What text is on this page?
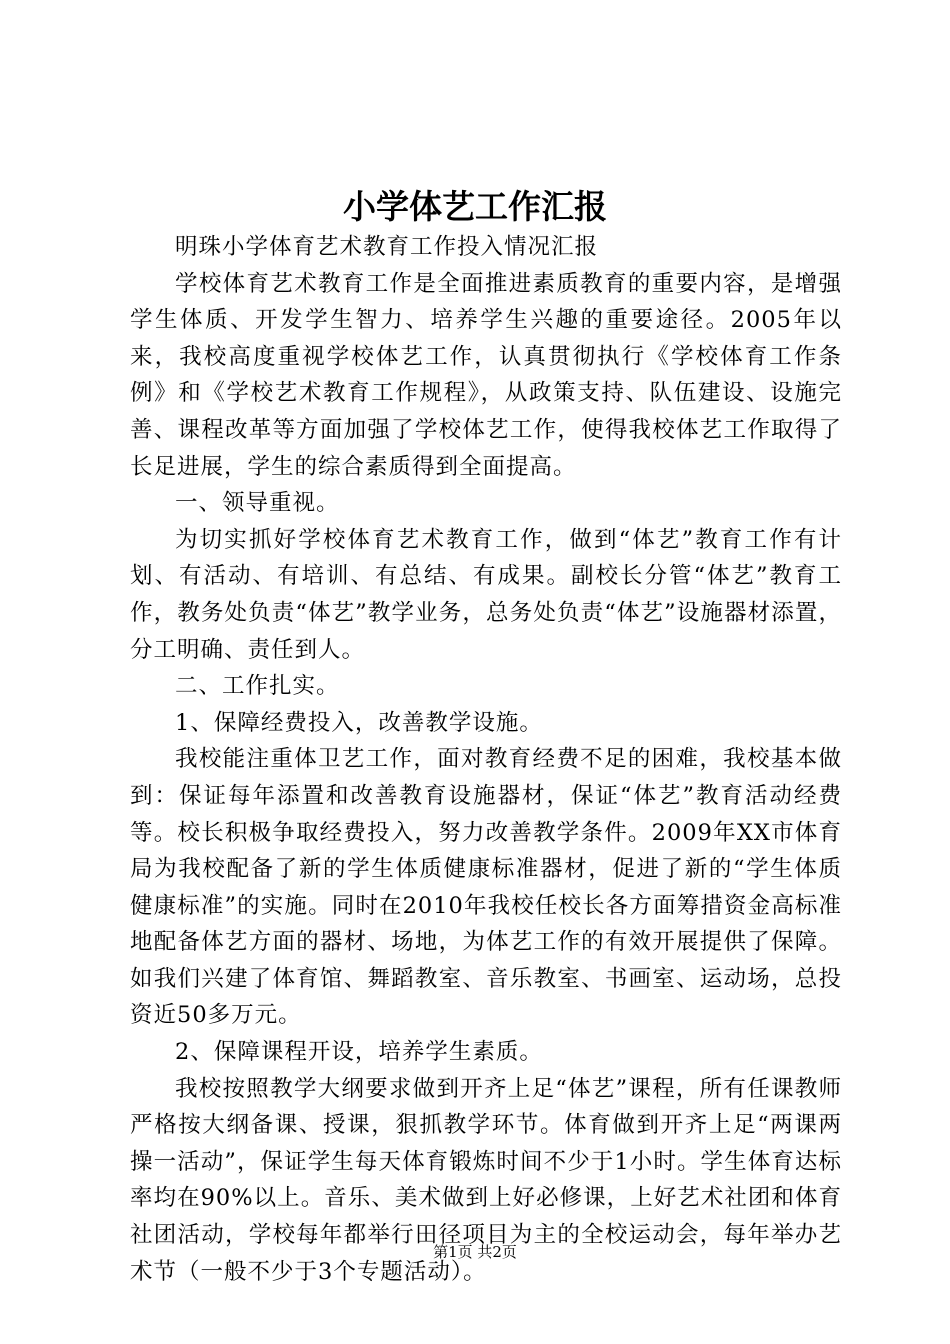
小学体艺工作汇报

明珠小学体育艺术教育工作投入情况汇报

学校体育艺术教育工作是全面推进素质教育的重要内容，是增强学生体质、开发学生智力、培养学生兴趣的重要途径。2005年以来，我校高度重视学校体艺工作，认真贯彻执行《学校体育工作条例》和《学校艺术教育工作规程》，从政策支持、队伍建设、设施完善、课程改革等方面加强了学校体艺工作，使得我校体艺工作取得了长足进展，学生的综合素质得到全面提高。

一、领导重视。

为切实抓好学校体育艺术教育工作，做到“体艺”教育工作有计划、有活动、有培训、有总结、有成果。副校长分管“体艺”教育工作，教务处负责“体艺”教学业务，总务处负责“体艺”设施器材添置，分工明确、责任到人。

二、工作扎实。

1、保障经费投入，改善教学设施。

我校能注重体卫艺工作，面对教育经费不足的困难，我校基本做到：保证每年添置和改善教育设施器材，保证“体艺”教育活动经费等。校长积极争取经费投入，努力改善教学条件。2009年XX市体育局为我校配备了新的学生体质健康标准器材，促进了新的“学生体质健康标准”的实施。同时在2010年我校任校长各方面筹措资金高标准地配备体艺方面的器材、场地，为体艺工作的有效开展提供了保障。如我们兴建了体育馆、舞蹈教室、音乐教室、书画室、运动场，总投资近50多万元。

2、保障课程开设，培养学生素质。

我校按照教学大纲要求做到开齐上足“体艺”课程，所有任课教师严格按大纲备课、授课，狠抓教学环节。体育做到开齐上足“两课两操一活动”，保证学生每天体育锻炼时间不少于1小时。学生体育达标率均在90%以上。音乐、美术做到上好必修课，上好艺术社团和体育社团活动，学校每年都举行田径项目为主的全校运动会，每年举办艺术节（一般不少于3个专题活动）。

第1页 共2页
